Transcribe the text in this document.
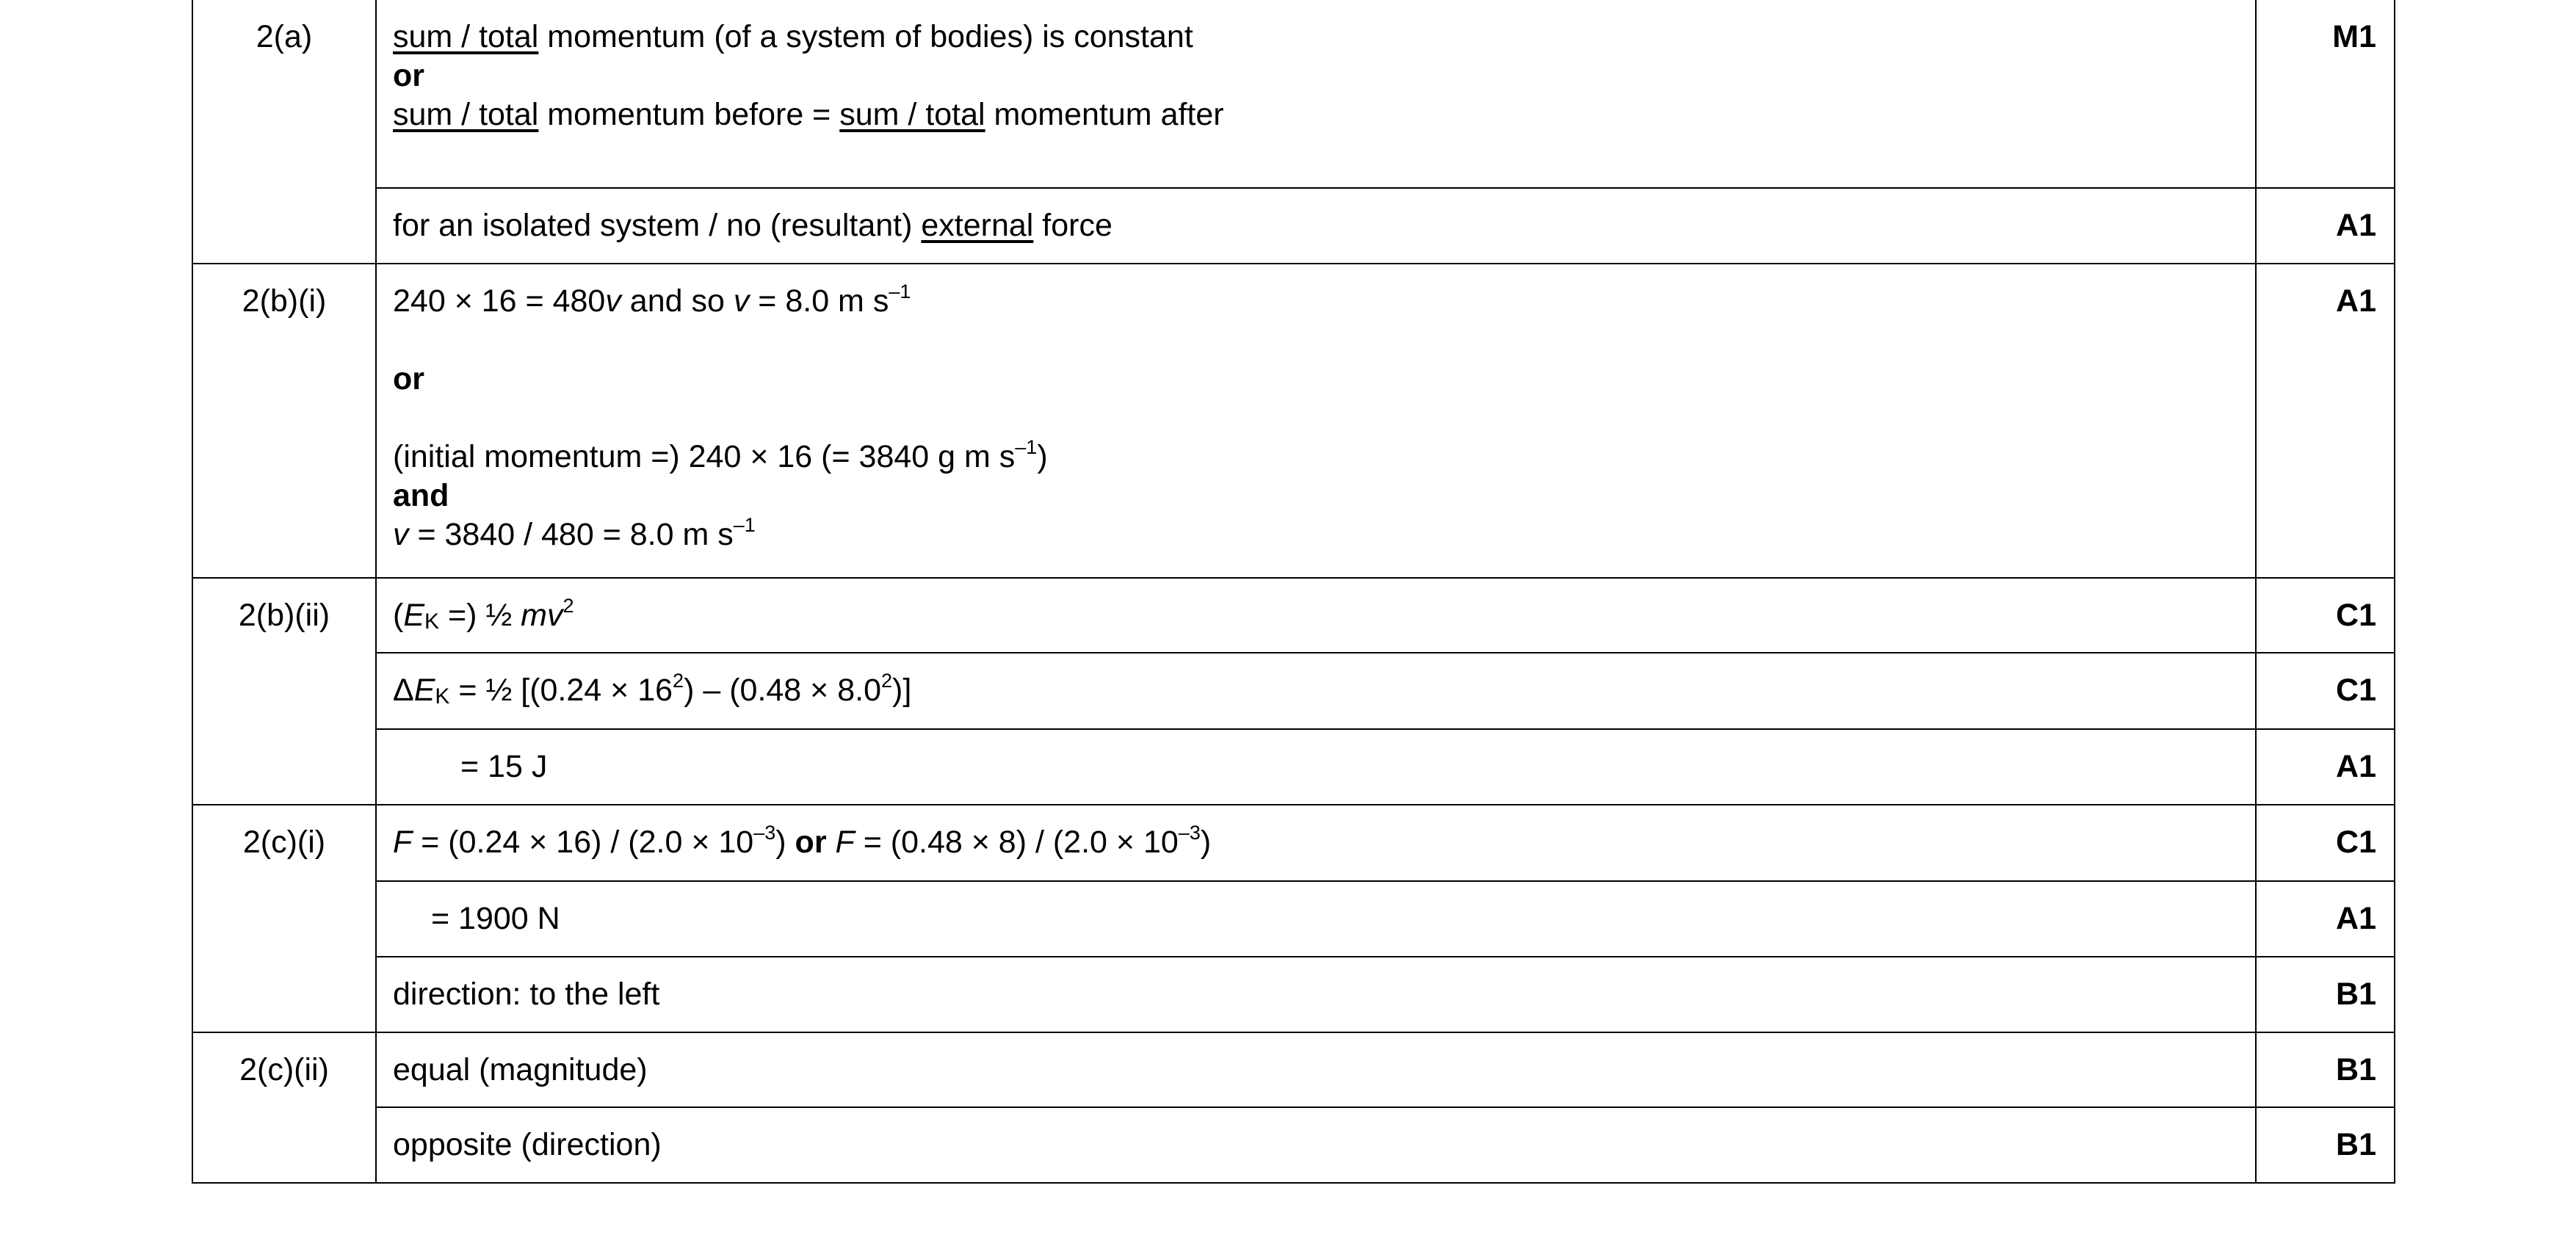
2(a)	sum / total momentum (of a system of bodies) is constant
or
sum / total momentum before = sum / total momentum after	M1

	for an isolated system / no (resultant) external force	A1
2(b)(i)	240 × 16 = 480v and so v = 8.0 m $s^{-1}$
or
(initial momentum =) 240 × 16 (= 3840 g m $s^{-1}$)
and
v = 3840 / 480 = 8.0 m $s^{-1}$	A1
2(b)(ii)	($E_K$ =) ½ $mv^2$	C1

	$\Delta E_K$ = ½ $[(0.24 \times 16^2) - (0.48 \times 8.0^2)]$	C1

	= 15 J	A1
2(c)(i)	$F = (0.24 \times 16) / (2.0 \times 10^{-3})$ or $F = (0.48 \times 8) / (2.0 \times 10^{-3})$	C1

	= 1900 N	A1

	direction: to the left	B1
2(c)(ii)	equal (magnitude)	B1

	opposite (direction)	B1
